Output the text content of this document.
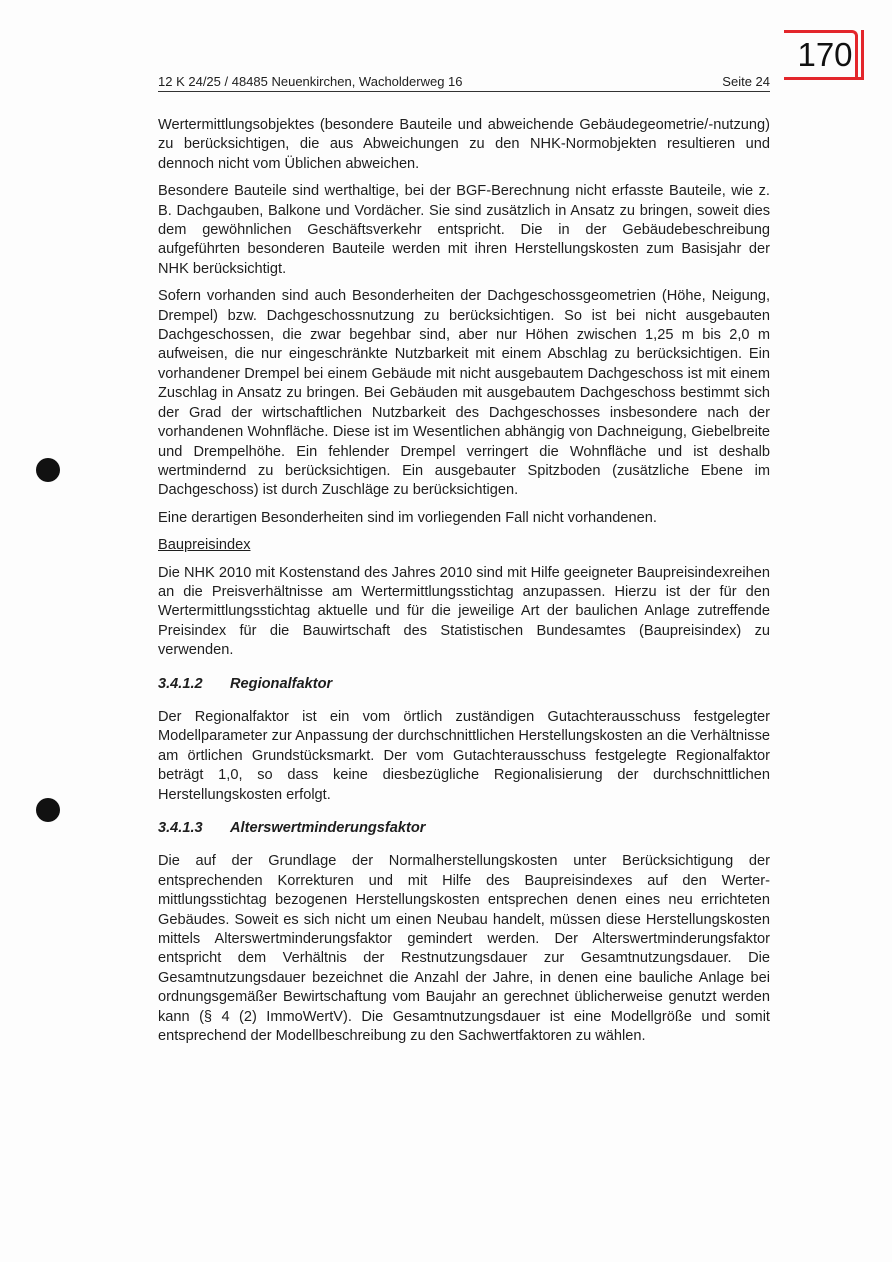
170
12 K 24/25 / 48485 Neuenkirchen, Wacholderweg 16	Seite 24

Wertermittlungsobjektes (besondere Bauteile und abweichende Gebäudegeometrie/-nutzung) zu berücksichtigen, die aus Abweichungen zu den NHK-Normobjekten resultieren und dennoch nicht vom Üblichen abweichen.

Besondere Bauteile sind werthaltige, bei der BGF-Berechnung nicht erfasste Bauteile, wie z. B. Dachgauben, Balkone und Vordächer. Sie sind zusätzlich in Ansatz zu bringen, soweit dies dem gewöhnlichen Geschäftsverkehr entspricht. Die in der Gebäudebeschreibung aufgeführten besonderen Bauteile werden mit ihren Herstellungskosten zum Basisjahr der NHK berücksichtigt.

Sofern vorhanden sind auch Besonderheiten der Dachgeschossgeometrien (Höhe, Neigung, Drempel) bzw. Dachgeschossnutzung zu berücksichtigen. So ist bei nicht ausgebauten Dachgeschossen, die zwar begehbar sind, aber nur Höhen zwischen 1,25 m bis 2,0 m aufweisen, die nur eingeschränkte Nutzbarkeit mit einem Abschlag zu berücksichtigen. Ein vorhandener Drempel bei einem Gebäude mit nicht ausgebautem Dachgeschoss ist mit einem Zuschlag in Ansatz zu bringen. Bei Gebäuden mit ausgebautem Dachgeschoss bestimmt sich der Grad der wirtschaftlichen Nutzbarkeit des Dachgeschosses insbesondere nach der vorhandenen Wohnfläche. Diese ist im Wesentlichen abhängig von Dachneigung, Giebelbreite und Drempelhöhe. Ein fehlender Drempel verringert die Wohnfläche und ist deshalb wertmindernd zu berücksichtigen. Ein ausgebauter Spitzboden (zusätzliche Ebene im Dachgeschoss) ist durch Zuschläge zu berücksichtigen.

Eine derartigen Besonderheiten sind im vorliegenden Fall nicht vorhandenen.

Baupreisindex

Die NHK 2010 mit Kostenstand des Jahres 2010 sind mit Hilfe geeigneter Baupreisindexreihen an die Preisverhältnisse am Wertermittlungsstichtag anzupassen. Hierzu ist der für den Wertermittlungsstichtag aktuelle und für die jeweilige Art der baulichen Anlage zutreffende Preisindex für die Bauwirtschaft des Statistischen Bundesamtes (Baupreisindex) zu verwenden.

3.4.1.2 Regionalfaktor

Der Regionalfaktor ist ein vom örtlich zuständigen Gutachterausschuss festgelegter Modellparameter zur Anpassung der durchschnittlichen Herstellungskosten an die Verhältnisse am örtlichen Grundstücksmarkt. Der vom Gutachterausschuss festgelegte Regionalfaktor beträgt 1,0, so dass keine diesbezügliche Regionalisierung der durchschnittlichen Herstellungskosten erfolgt.

3.4.1.3 Alterswertminderungsfaktor

Die auf der Grundlage der Normalherstellungskosten unter Berücksichtigung der entsprechenden Korrekturen und mit Hilfe des Baupreisindexes auf den Wertermittlungsstichtag bezogenen Herstellungskosten entsprechen denen eines neu errichteten Gebäudes. Soweit es sich nicht um einen Neubau handelt, müssen diese Herstellungskosten mittels Alterswertminderungsfaktor gemindert werden. Der Alterswertminderungsfaktor entspricht dem Verhältnis der Restnutzungsdauer zur Gesamtnutzungsdauer. Die Gesamtnutzungsdauer bezeichnet die Anzahl der Jahre, in denen eine bauliche Anlage bei ordnungsgemäßer Bewirtschaftung vom Baujahr an gerechnet üblicherweise genutzt werden kann (§ 4 (2) ImmoWertV). Die Gesamtnutzungsdauer ist eine Modellgröße und somit entsprechend der Modellbeschreibung zu den Sachwertfaktoren zu wählen.
